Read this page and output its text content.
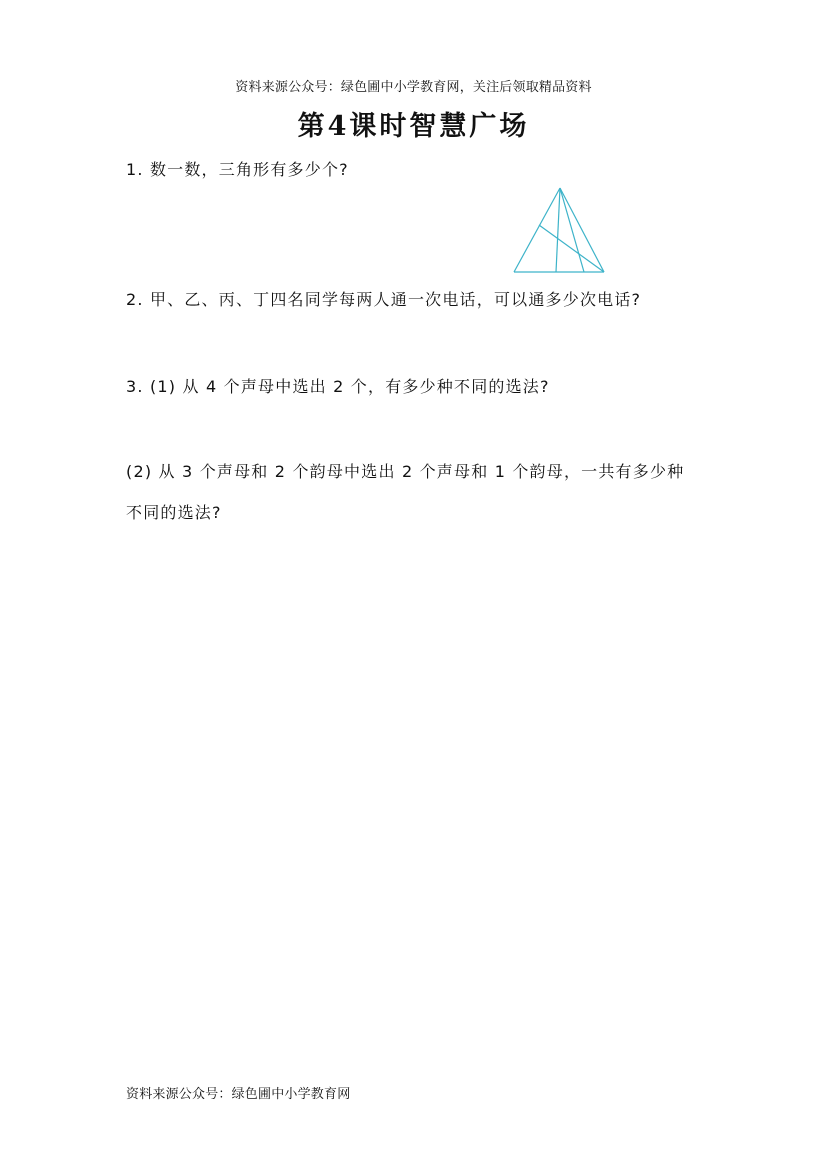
资料来源公众号：绿色圃中小学教育网，关注后领取精品资料
第4课时智慧广场
1. 数一数，三角形有多少个?
2. 甲、乙、丙、丁四名同学每两人通一次电话，可以通多少次电话?
3. (1) 从 4 个声母中选出 2 个，有多少种不同的选法?
(2) 从 3 个声母和 2 个韵母中选出 2 个声母和 1 个韵母，一共有多少种
不同的选法?
资料来源公众号：绿色圃中小学教育网
